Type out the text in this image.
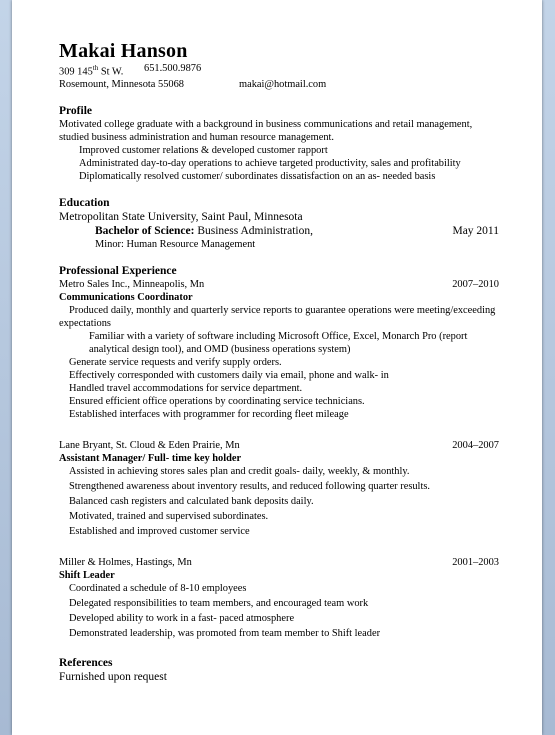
Makai Hanson
309 145th St W.	651.500.9876
Rosemount, Minnesota 55068	makai@hotmail.com
Profile
Motivated college graduate with a background in business communications and retail management, studied business administration and human resource management.
Improved customer relations & developed customer rapport
Administrated day-to-day operations to achieve targeted productivity, sales and profitability
Diplomatically resolved customer/ subordinates dissatisfaction on an as- needed basis
Education
Metropolitan State University, Saint Paul, Minnesota
Bachelor of Science: Business Administration,	May 2011
Minor: Human Resource Management
Professional Experience
Metro Sales Inc., Minneapolis, Mn	2007–2010
Communications Coordinator
Produced daily, monthly and quarterly service reports to guarantee operations were meeting/exceeding expectations
Familiar with a variety of software including Microsoft Office, Excel, Monarch Pro (report analytical design tool), and OMD (business operations system)
Generate service requests and verify supply orders.
Effectively corresponded with customers daily via email, phone and walk- in
Handled travel accommodations for service department.
Ensured efficient office operations by coordinating service technicians.
Established interfaces with programmer for recording fleet mileage
Lane Bryant, St. Cloud & Eden Prairie, Mn	2004–2007
Assistant Manager/ Full- time key holder
Assisted in achieving stores sales plan and credit goals- daily, weekly, & monthly.
Strengthened awareness about inventory results, and reduced following quarter results.
Balanced cash registers and calculated bank deposits daily.
Motivated, trained and supervised subordinates.
Established and improved customer service
Miller & Holmes, Hastings, Mn	2001–2003
Shift Leader
Coordinated a schedule of 8-10 employees
Delegated responsibilities to team members, and encouraged team work
Developed ability to work in a fast- paced atmosphere
Demonstrated leadership, was promoted from team member to Shift leader
References
Furnished upon request
